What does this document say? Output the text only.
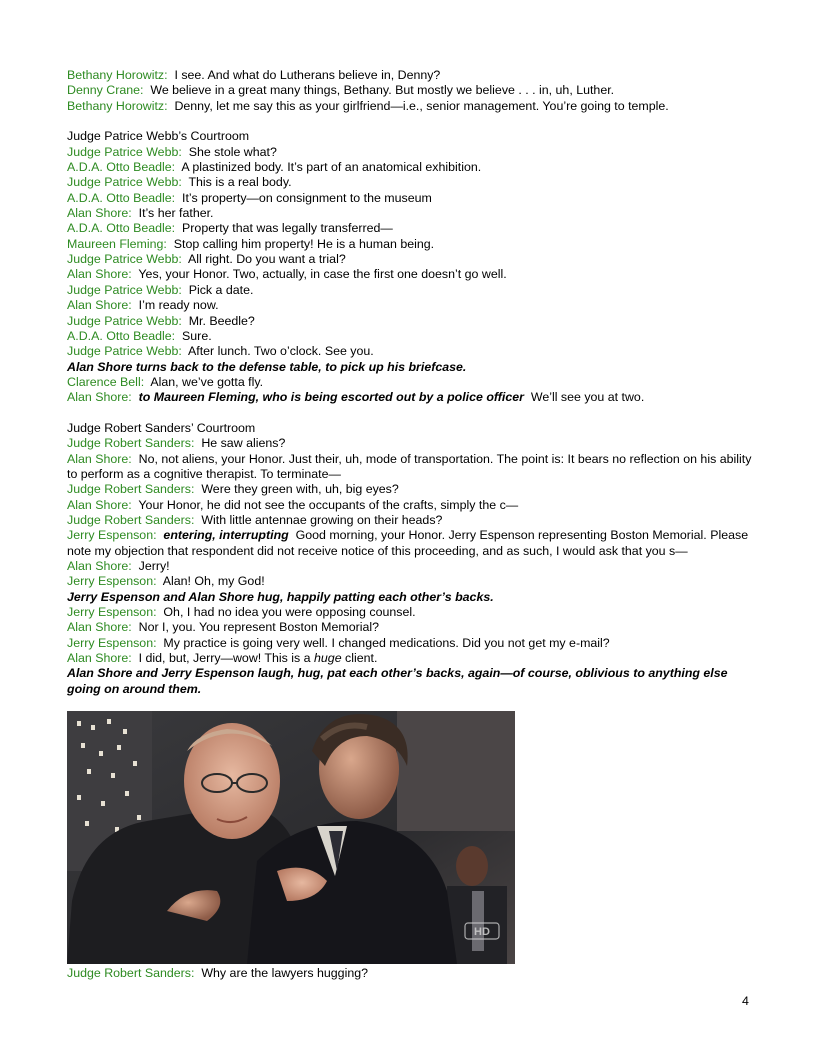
Bethany Horowitz: I see. And what do Lutherans believe in, Denny?
Denny Crane: We believe in a great many things, Bethany. But mostly we believe . . . in, uh, Luther.
Bethany Horowitz: Denny, let me say this as your girlfriend—i.e., senior management. You’re going to temple.
Judge Patrice Webb’s Courtroom
Judge Patrice Webb: She stole what?
A.D.A. Otto Beadle: A plastinized body. It’s part of an anatomical exhibition.
Judge Patrice Webb: This is a real body.
A.D.A. Otto Beadle: It’s property—on consignment to the museum
Alan Shore: It’s her father.
A.D.A. Otto Beadle: Property that was legally transferred—
Maureen Fleming: Stop calling him property! He is a human being.
Judge Patrice Webb: All right. Do you want a trial?
Alan Shore: Yes, your Honor. Two, actually, in case the first one doesn’t go well.
Judge Patrice Webb: Pick a date.
Alan Shore: I’m ready now.
Judge Patrice Webb: Mr. Beedle?
A.D.A. Otto Beadle: Sure.
Judge Patrice Webb: After lunch. Two o’clock. See you.
Alan Shore turns back to the defense table, to pick up his briefcase.
Clarence Bell: Alan, we’ve gotta fly.
Alan Shore: to Maureen Fleming, who is being escorted out by a police officer We’ll see you at two.
Judge Robert Sanders’ Courtroom
Judge Robert Sanders: He saw aliens?
Alan Shore: No, not aliens, your Honor. Just their, uh, mode of transportation. The point is: It bears no reflection on his ability to perform as a cognitive therapist. To terminate—
Judge Robert Sanders: Were they green with, uh, big eyes?
Alan Shore: Your Honor, he did not see the occupants of the crafts, simply the c—
Judge Robert Sanders: With little antennae growing on their heads?
Jerry Espenson: entering, interrupting Good morning, your Honor. Jerry Espenson representing Boston Memorial. Please note my objection that respondent did not receive notice of this proceeding, and as such, I would ask that you s—
Alan Shore: Jerry!
Jerry Espenson: Alan! Oh, my God!
Jerry Espenson and Alan Shore hug, happily patting each other’s backs.
Jerry Espenson: Oh, I had no idea you were opposing counsel.
Alan Shore: Nor I, you. You represent Boston Memorial?
Jerry Espenson: My practice is going very well. I changed medications. Did you not get my e-mail?
Alan Shore: I did, but, Jerry—wow! This is a huge client.
Alan Shore and Jerry Espenson laugh, hug, pat each other’s backs, again—of course, oblivious to anything else going on around them.
HD
Judge Robert Sanders: Why are the lawyers hugging?
4
